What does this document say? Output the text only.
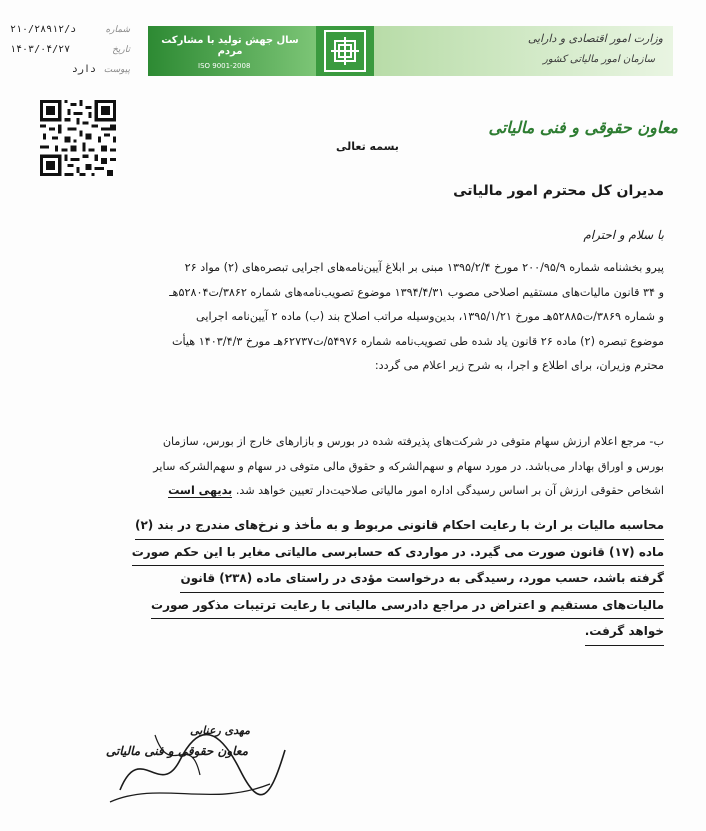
شماره
۲۱۰/۲۸۹۱۲/د
تاریخ
۱۴۰۳/۰۴/۲۷
پیوست
دارد
سال جهش تولید با مشارکت مردم
ISO 9001-2008
وزارت امور اقتصادی و دارایی
سازمان امور مالیاتی کشور
معاون حقوقی و فنی مالیاتی
بسمه تعالی
مدیران کل محترم امور مالیاتی
با سلام و احترام
پیرو بخشنامه شماره ۲۰۰/۹۵/۹ مورخ ۱۳۹۵/۲/۴ مبنی بر ابلاغ آیین‌نامه‌های اجرایی تبصره‌های (۲) مواد ۲۶
و ۳۴ قانون مالیات‌های مستقیم اصلاحی مصوب ۱۳۹۴/۴/۳۱ موضوع تصویب‌نامه‌های شماره ۳۸۶۲/ت۵۲۸۰۴هـ
و شماره ۳۸۶۹/ت۵۲۸۸۵هـ مورخ ۱۳۹۵/۱/۲۱، بدین‌وسیله مراتب اصلاح بند (ب) ماده ۲ آیین‌نامه اجرایی
موضوع تبصره (۲) ماده ۲۶ قانون یاد شده طی تصویب‌نامه شماره ۵۴۹۷۶/ت۶۲۷۳۷هـ مورخ ۱۴۰۳/۴/۳ هیأت
محترم وزیران، برای اطلاع و اجرا، به شرح زیر اعلام می گردد:
ب- مرجع اعلام ارزش سهام متوفی در شرکت‌های پذیرفته شده در بورس و بازارهای خارج از بورس، سازمان
بورس و اوراق بهادار می‌باشد. در مورد سهام و سهم‌الشرکه و حقوق مالی متوفی در سهام و سهم‌الشرکه سایر
اشخاص حقوقی ارزش آن بر اساس رسیدگی اداره امور مالیاتی صلاحیت‌دار تعیین خواهد شد. بدیهی است
محاسبه مالیات بر ارث با رعایت احکام قانونی مربوط و به مأخذ و نرخ‌های مندرج در بند (۲)
ماده (۱۷) قانون صورت می گیرد. در مواردی که حسابرسی مالیاتی مغایر با این حکم صورت
گرفته باشد، حسب مورد، رسیدگی به درخواست مؤدی در راستای ماده (۲۳۸) قانون
مالیات‌های مستقیم و اعتراض در مراجع دادرسی مالیاتی با رعایت ترتیبات مذکور صورت
خواهد گرفت.
مهدی رعنایی
معاون حقوقی و فنی مالیاتی
